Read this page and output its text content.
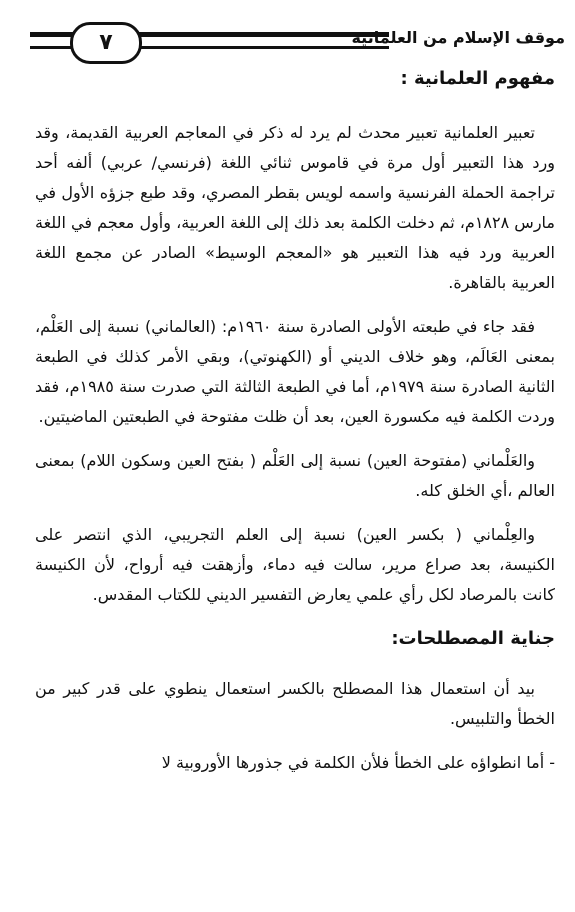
٧	موقف الإسلام من العلمانية
مفهوم العلمانية :

تعبير العلمانية تعبير محدث لم يرد له ذكر في المعاجم العربية القديمة، وقد ورد هذا التعبير أول مرة في قاموس ثنائي اللغة (فرنسي/ عربي) ألفه أحد تراجمة الحملة الفرنسية واسمه لويس بقطر المصري، وقد طبع جزؤه الأول في مارس ١٨٢٨م، ثم دخلت الكلمة بعد ذلك إلى اللغة العربية، وأول معجم في اللغة العربية ورد فيه هذا التعبير هو «المعجم الوسيط» الصادر عن مجمع اللغة العربية بالقاهرة.

فقد جاء في طبعته الأولى الصادرة سنة ١٩٦٠م: (العالماني) نسبة إلى العَلْم، بمعنى العَالَم، وهو خلاف الديني أو (الكهنوتي)، وبقي الأمر كذلك في الطبعة الثانية الصادرة سنة ١٩٧٩م، أما في الطبعة الثالثة التي صدرت سنة ١٩٨٥م، فقد وردت الكلمة فيه مكسورة العين، بعد أن ظلت مفتوحة في الطبعتين الماضيتين.

والعَلْماني (مفتوحة العين) نسبة إلى العَلْم ( بفتح العين وسكون اللام) بمعنى العالم ،أي الخلق كله.

والعِلْماني ( بكسر العين) نسبة إلى العلم التجريبي، الذي انتصر على الكنيسة، بعد صراع مرير، سالت فيه دماء، وأزهقت فيه أرواح، لأن الكنيسة كانت بالمرصاد لكل رأي علمي يعارض التفسير الديني للكتاب المقدس.

جناية المصطلحات:

بيد أن استعمال هذا المصطلح بالكسر استعمال ينطوي على قدر كبير من الخطأ والتلبيس.

- أما انطواؤه على الخطأ فلأن الكلمة في جذورها الأوروبية لا
